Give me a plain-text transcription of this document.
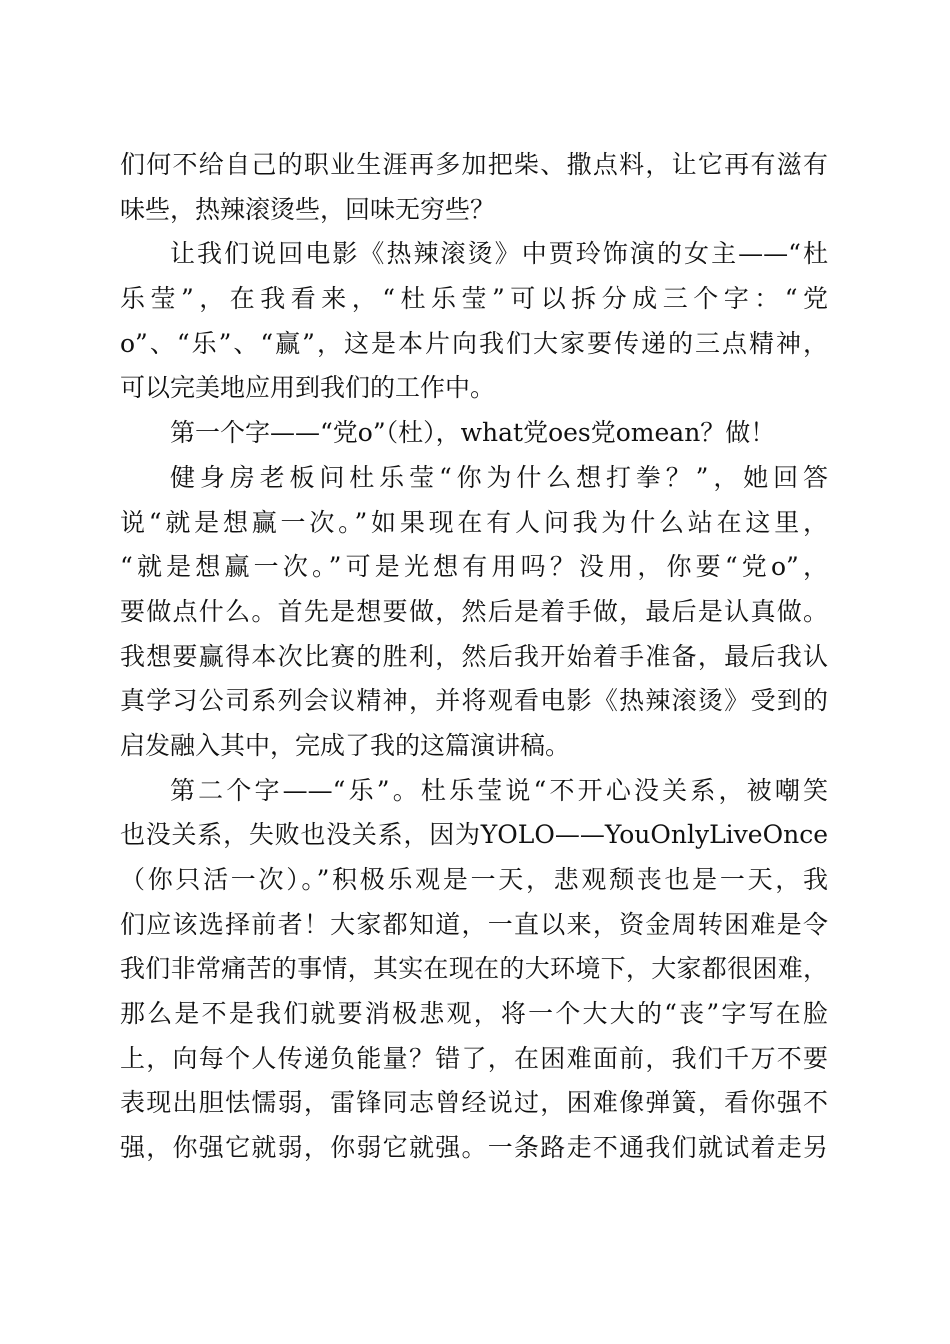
们何不给自己的职业生涯再多加把柴、撒点料，让它再有滋有
味些，热辣滚烫些，回味无穷些？
让我们说回电影《热辣滚烫》中贾玲饰演的女主——“杜
乐莹”，在我看来，“杜乐莹”可以拆分成三个字：“党
o”、“乐”、“赢”，这是本片向我们大家要传递的三点精神，
可以完美地应用到我们的工作中。
第一个字——“党o”（杜），what党oes党omean？做！
健身房老板问杜乐莹“你为什么想打拳？”，她回答
说“就是想赢一次。”如果现在有人问我为什么站在这里，
“就是想赢一次。”可是光想有用吗？没用，你要“党o”，
要做点什么。首先是想要做，然后是着手做，最后是认真做。
我想要赢得本次比赛的胜利，然后我开始着手准备，最后我认
真学习公司系列会议精神，并将观看电影《热辣滚烫》受到的
启发融入其中，完成了我的这篇演讲稿。
第二个字——“乐”。杜乐莹说“不开心没关系，被嘲笑
也没关系，失败也没关系，因为YOLO——YouOnlyLiveOnce
（你只活一次）。”积极乐观是一天，悲观颓丧也是一天，我
们应该选择前者！大家都知道，一直以来，资金周转困难是令
我们非常痛苦的事情，其实在现在的大环境下，大家都很困难，
那么是不是我们就要消极悲观，将一个大大的“丧”字写在脸
上，向每个人传递负能量？错了，在困难面前，我们千万不要
表现出胆怯懦弱，雷锋同志曾经说过，困难像弹簧，看你强不
强，你强它就弱，你弱它就强。一条路走不通我们就试着走另
